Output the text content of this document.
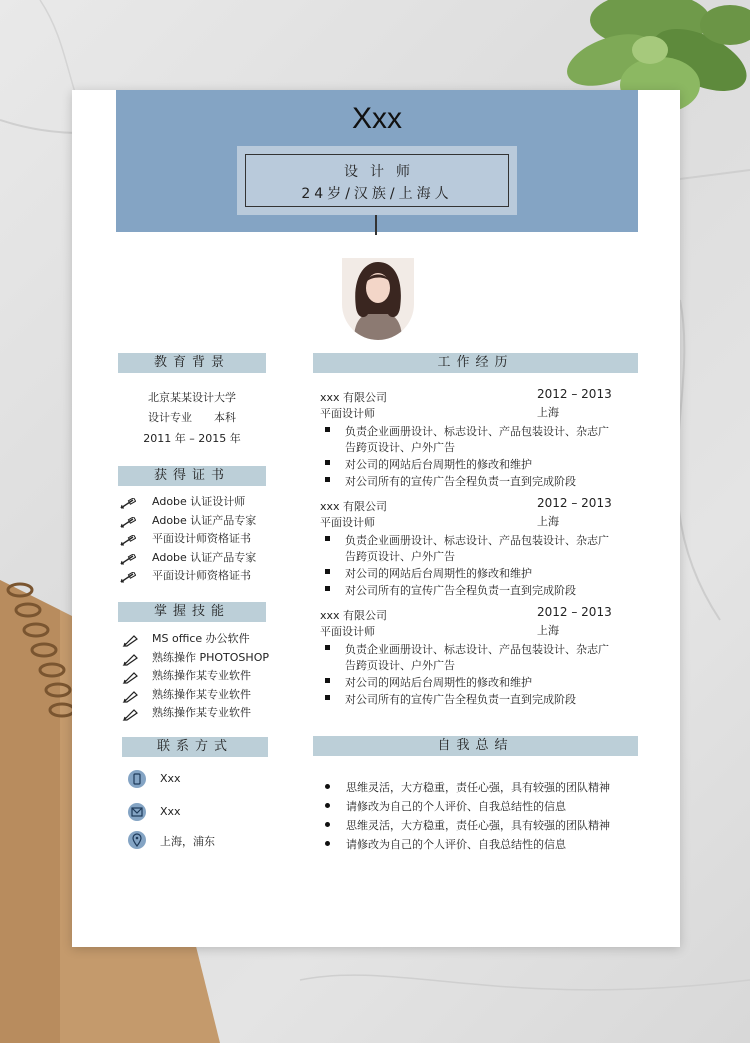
Xxx
设计师
24岁/汉族/上海人
教育背景
北京某某设计大学
设计专业　　本科
2011 年 – 2015 年
获得证书
Adobe 认证设计师
Adobe 认证产品专家
平面设计师资格证书
Adobe 认证产品专家
平面设计师资格证书
掌握技能
MS office 办公软件
熟练操作 PHOTOSHOP
熟练操作某专业软件
熟练操作某专业软件
熟练操作某专业软件
联系方式
Xxx
Xxx
上海，浦东
工作经历
xxx 有限公司	2012 – 2013
平面设计师	上海
负责企业画册设计、标志设计、产品包装设计、杂志广
告跨页设计、户外广告
对公司的网站后台周期性的修改和维护
对公司所有的宣传广告全程负责一直到完成阶段
xxx 有限公司	2012 – 2013
平面设计师	上海
负责企业画册设计、标志设计、产品包装设计、杂志广
告跨页设计、户外广告
对公司的网站后台周期性的修改和维护
对公司所有的宣传广告全程负责一直到完成阶段
xxx 有限公司	2012 – 2013
平面设计师	上海
负责企业画册设计、标志设计、产品包装设计、杂志广
告跨页设计、户外广告
对公司的网站后台周期性的修改和维护
对公司所有的宣传广告全程负责一直到完成阶段
自我总结
思维灵活，大方稳重，责任心强，具有较强的团队精神
请修改为自己的个人评价、自我总结性的信息
思维灵活，大方稳重，责任心强，具有较强的团队精神
请修改为自己的个人评价、自我总结性的信息
